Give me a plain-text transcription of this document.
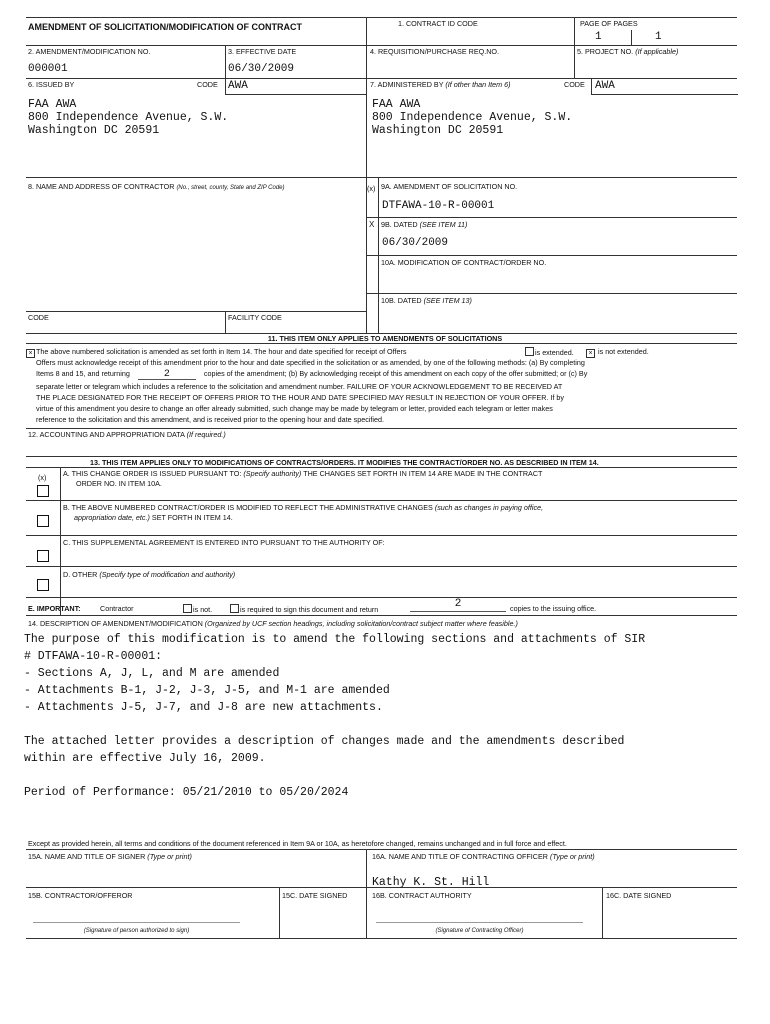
AMENDMENT OF SOLICITATION/MODIFICATION OF CONTRACT	1. CONTRACT ID CODE	PAGE OF PAGES
1	1
2. AMENDMENT/MODIFICATION NO.
000001
3. EFFECTIVE DATE
06/30/2009
4. REQUISITION/PURCHASE REQ.NO.	5. PROJECT NO. (If applicable)
6. ISSUED BY	CODE AWA
FAA AWA
800 Independence Avenue, S.W.
Washington DC 20591
7. ADMINISTERED BY (If other than Item 6)	CODE AWA
FAA AWA
800 Independence Avenue, S.W.
Washington DC 20591
8. NAME AND ADDRESS OF CONTRACTOR (No., street, county, State and ZIP Code)	(x) 9A. AMENDMENT OF SOLICITATION NO.
DTFAWA-10-R-00001
X 9B. DATED (SEE ITEM 11)
06/30/2009
10A. MODIFICATION OF CONTRACT/ORDER NO.
10B. DATED (SEE ITEM 13)
CODE	FACILITY CODE
11. THIS ITEM ONLY APPLIES TO AMENDMENTS OF SOLICITATIONS
× The above numbered solicitation is amended as set forth in Item 14. The hour and date specified for receipt of Offers	is extended.	× is not extended.
Offers must acknowledge receipt of this amendment prior to the hour and date specified in the solicitation or as amended, by one of the following methods: (a) By completing
Items 8 and 15, and returning	2	copies of the amendment; (b) By acknowledging receipt of this amendment on each copy of the offer submitted; or (c) By
separate letter or telegram which includes a reference to the solicitation and amendment number. FAILURE OF YOUR ACKNOWLEDGEMENT TO BE RECEIVED AT
THE PLACE DESIGNATED FOR THE RECEIPT OF OFFERS PRIOR TO THE HOUR AND DATE SPECIFIED MAY RESULT IN REJECTION OF YOUR OFFER. If by
virtue of this amendment you desire to change an offer already submitted, such change may be made by telegram or letter, provided each telegram or letter makes
reference to the solicitation and this amendment, and is received prior to the opening hour and date specified.
12. ACCOUNTING AND APPROPRIATION DATA (If required.)
13. THIS ITEM APPLIES ONLY TO MODIFICATIONS OF CONTRACTS/ORDERS. IT MODIFIES THE CONTRACT/ORDER NO. AS DESCRIBED IN ITEM 14.
(x) A. THIS CHANGE ORDER IS ISSUED PURSUANT TO: (Specify authority) THE CHANGES SET FORTH IN ITEM 14 ARE MADE IN THE CONTRACT
ORDER NO. IN ITEM 10A.
B. THE ABOVE NUMBERED CONTRACT/ORDER IS MODIFIED TO REFLECT THE ADMINISTRATIVE CHANGES (such as changes in paying office,
appropriation date, etc.) SET FORTH IN ITEM 14.
C. THIS SUPPLEMENTAL AGREEMENT IS ENTERED INTO PURSUANT TO THE AUTHORITY OF:
D. OTHER (Specify type of modification and authority)
E. IMPORTANT:	Contractor	is not.	is required to sign this document and return	2	copies to the issuing office.
14. DESCRIPTION OF AMENDMENT/MODIFICATION (Organized by UCF section headings, including solicitation/contract subject matter where feasible.)
The purpose of this modification is to amend the following sections and attachments of SIR
# DTFAWA-10-R-00001:
- Sections A, J, L, and M are amended
- Attachments B-1, J-2, J-3, J-5, and M-1 are amended
- Attachments J-5, J-7, and J-8 are new attachments.
The attached letter provides a description of changes made and the amendments described
within are effective July 16, 2009.
Period of Performance: 05/21/2010 to 05/20/2024
Except as provided herein, all terms and conditions of the document referenced in Item 9A or 10A, as heretofore changed, remains unchanged and in full force and effect.
15A. NAME AND TITLE OF SIGNER (Type or print)	16A. NAME AND TITLE OF CONTRACTING OFFICER (Type or print)
Kathy K. St. Hill
15B. CONTRACTOR/OFFEROR	15C. DATE SIGNED	16B. CONTRACT AUTHORITY	16C. DATE SIGNED
(Signature of person authorized to sign)	(Signature of Contracting Officer)
